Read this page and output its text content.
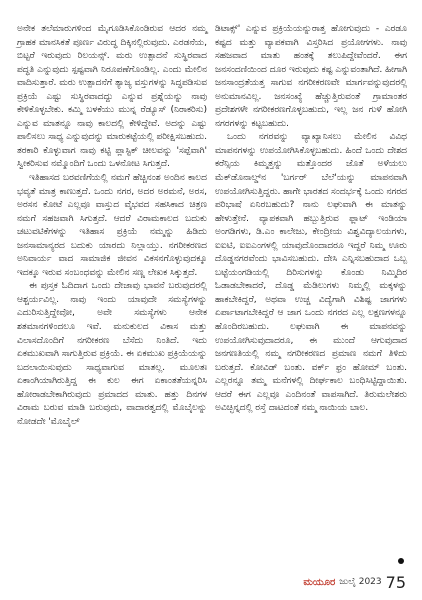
ಅನೇಕ ತಲೆಮಾರುಗಳಿಂದ ಮೈಗೂಡಿಸಿಕೊಂಡಿರುವ ಆದರ ನಮ್ಮ ಗ್ರಾಹಕ ಮಾನಸಿಕತೆ ಪೂರ್ಣ ವಿರುದ್ಧ ದಿಕ್ಕಿನಲ್ಲಿರುವುದು. ಎರಡನೆಯ, ಬಿಟ್ಟರೆ ಇರುವುದು ರಿಲಯನ್ಸ್. ಮರು ಉತ್ಪಾದನೆ ಸುಸ್ಥಿರವಾದ ಪದ್ಧತಿ ಎನ್ನುವುದು ಸ್ಪಷ್ಟವಾಗಿ ನಿರೂಪಣೆಗೊಂಡಿಲ್ಲ. ಎಂದು ಮೇಲಿನ ವಾದಿಸುತ್ತಾರೆ. ಮರು ಉತ್ಪಾದನೆಗೆ ತ್ಯಾಜ್ಯ ವಸ್ತುಗಳನ್ನು ಸಿದ್ಧಪಡಿಸುವ ಪ್ರಕ್ರಿಯೆ ಎಷ್ಟು ಸುಸ್ಥಿರವಾದದ್ದು ಎನ್ನುವ ಪ್ರಶ್ನೆಯನ್ನು ನಾವು ಕೇಳಿಕೊಳ್ಳಬೇಕು. ಕಮ್ಮಿ ಬಳಕೆಯು ಮುನ್ನ ರೆಡ್ಯೂಸ್ (ನಿರಾಕರಿಸು) ಎನ್ನುವ ಮಾತನ್ನೂ ನಾವು ಕಾಲದಲ್ಲಿ ಕೇಳಿದ್ದೇವೆ. ಅದನ್ನು ಎಷ್ಟು ಪಾಲಿಸಲು ಸಾಧ್ಯ ಎನ್ನುವುದನ್ನು ಮಾರುಕಟ್ಟೆಯಲ್ಲಿ ಪರೀಕ್ಷಿಸಬಹುದು. ತರಕಾರಿ ಕೊಳ್ಳುವಾಗ ನಾವು ಕಟ್ಟಿ ಪ್ಲಾಸ್ಟಿಕ್ ಚೀಲವನ್ನು 'ಸಪ್ಪೆವಾಗಿ' ಸ್ವೀಕರಿಸುವ ನಮ್ಮೊಂದಿಗೆ ಒಂದು ಒಳನೋಟ ಸಿಗುತ್ತದೆ.

ಇತಿಹಾಸದ ಬರವಣಿಗೆಯಲ್ಲಿ ನಮಗೆ ಹೆಚ್ಚಿನಂಶ ಅಂದಿನ ಕಾಲದ ಭವ್ಯತೆ ಮಾತ್ರ ಕಾಣುತ್ತದೆ. ಒಂದು ನಗರ, ಅದರ ಅರಮನೆ, ಅರಸ, ಅರಸನ ಕೋಟೆ ಎಲ್ಲವೂ ವಾಸ್ತುದ ವೈಭವದ ಸಹಸಿಕಾದ ಚಿತ್ರಣ ನಮಗೆ ಸಹಜವಾಗಿ ಸಿಗುತ್ತದೆ. ಆದರೆ ವಿರಾಮಕಾಲದ ಬದುಕು ಚಟುವಟಿಕೆಗಳನ್ನು ಇತಿಹಾಸ ಪ್ರಕ್ರಿಯೆ ನಮ್ಮನ್ನು ಹಿಡಿದು ಜನಸಾಮಾನ್ಯರದ ಬದುಕು ಯಾರದು ನಿಲ್ಲಾಯ್ತು. ನಗರೀಕರಣದ ಅನಿವಾರ್ಯ ವಾದ ಸಾಮಾಜಿಕ ಜೀವನ ವಿಕಸನಗೊಳ್ಳುವುದಕ್ಕೂ ಇದಕ್ಕೂ ಇರುವ ಸಂಬಂಧವನ್ನು ಮೇಲಿನ ಸಣ್ಣ ಲೇಖಕ ಸಿಕ್ಕುತ್ತದೆ.

ಈ ಪುಸ್ತಕ ಓದಿದಾಗ ಒಂದು ದೇಜಾವು ಭಾವನೆ ಬರುವುದರಲ್ಲಿ ಆಶ್ಚರ್ಯವಿಲ್ಲ. ನಾವು ಇಂದು ಯಾವುದೇ ಸಮಸ್ಯೆಗಳನ್ನು ಎದುರಿಸುತ್ತಿದ್ದೇವೋ, ಅವೇ ಸಮಸ್ಯೆಗಳು ಆನೇಕ ಶತಮಾನಗಳಿಂದಲೂ ಇವೆ. ಮನುಕುಲದ ವಿಕಾಸ ಮತ್ತು ವಿಲಾಸದೊಂದಿಗೆ ನಗರೀಕರಣ ಬೆಸೆದು ನಿಂತಿದೆ. ಇದು ಏಕಮುಖವಾಗಿ ಸಾಗುತ್ತಿರುವ ಪ್ರಕ್ರಿಯೆ. ಈ ಏಕಮುಖ ಪ್ರಕ್ರಿಯೆಯನ್ನು ಬದಲಾಯಿಸುವುದು ಸಾಧ್ಯವಾಗುವ ಮಾತಲ್ಲ. ಮೂಲತಃ ಏಕಾಂಗಿಯಾಗಿರುತ್ತಿದ್ದ ಈ ಕುಲ ಈಗ ಏಕಾಂತತೆಯನ್ನರಿಸಿ ಹೋರಾಡಬೇಕಾಗಿರುವುದು ಪ್ರಮಾದದ ಮಾತು. ಹತ್ತು ದಿನಗಳ ವಿರಾಮ ಬರುವ ಮಾಡಿ ಬರುವುದು, ವಾದಾರತ್ವದಲ್ಲಿ ಮೊಬೈಲನ್ನು ನೋಡದೇ 'ಮೊಬೈಲ್

ಡಿಟಾಕ್ಸ್' ಎನ್ನುವ ಪ್ರಕ್ರಿಯೆಯನ್ನುರಾತ್ತ ಹೋಗುವುದು - ಎರಡೂ ಕಷ್ಟದ ಮತ್ತು ವ್ಯಾಪಕವಾಗಿ ವಿಸ್ತರಿಸಿದ ಪ್ರಯೋಗಗಳು. ನಾವು ಸಹಜವಾದ ಮಾತು ಹಂತಕ್ಕೆ ತಲುಪಿದ್ದೇವೆಂದರೆ. ಈಗ ಜನಸಂದಣಿಯಿಂದ ದೂರ ಇರುವುದು ಕಷ್ಟ ಎನ್ನುವಂತಾಗಿದೆ. ಹೀಗಾಗಿ ಜನಸಾಂದ್ರತೆಯತ್ತ ಸಾಗುವ ನಗರೀಕರಣವೇ ಮಾರ್ಗವನ್ನುವುದರಲ್ಲಿ ಅನುಮಾನವಿಲ್ಲ. ಜನಸಂಖ್ಯೆ ಹೆಚ್ಚುತ್ತಿರುವಂತೆ ಗ್ರಾಮಾಂತರ ಪ್ರದೇಶಗಳೇ ನಗರೀಕರಣಗೊಳ್ಳಬಹುದು, ಇಲ್ಲ ಜನ ಗುಳೆ ಹೋಗಿ ನಗರಗಳನ್ನು ಕಟ್ಟಬಹುದು.

ಒಂದು ನಗರವನ್ನು ವ್ಯಾಖ್ಯಾನಿಸಲು ಮೇಲಿನ ವಿವಿಧ ಮಾಪನಗಳನ್ನು ಉಪಯೋಗಿಸಿಕೊಳ್ಳಬಹುದು. ಹಿಂದೆ ಒಂದು ದೇಶದ ಕರೆನ್ಸಿಯ ಕಿಮ್ಮತ್ತನ್ನು ಮತ್ತೊಂದರ ಜೊತೆ ಅಳೆಯಲು ಮೆಕ್‌ಡೊನಾಲ್ಡ್‌ನ 'ಬರ್ಗರ್ ಬೆಲೆ'ಯನ್ನು ಮಾಪನವಾಗಿ ಉಪಯೋಗಿಸುತ್ತಿದ್ದರು. ಹಾಗೇ ಭಾರತದ ಸಂದರ್ಭಕ್ಕೆ ಒಂದು ನಗರದ ಪರಿಭಾಷೆ ಏನಿರಬಹುದು? ನಾನು ಲಘುವಾಗಿ ಈ ಮಾತನ್ನು ಹೇಳುತ್ತೇನೆ. ವ್ಯಾಪಕವಾಗಿ ಹಬ್ಬುತ್ತಿರುವ ಫ್ಲಾಟ್ ಇಂಡಿಯಾ ಅಂಗಡಿಗಳು, ಡಿ.ಎಂ ಕಾಲೇಜು, ಕೇಂದ್ರೀಯ ವಿಶ್ವವಿದ್ಯಾಲಯಗಳು, ಐಐಟಿ, ಐಐಎಂಗಳಲ್ಲಿ ಯಾವುದೊಂದಾದರೂ ಇದ್ದರೆ ನಿಮ್ಮ ಊರು ದೊಡ್ಡನಗರವೆಂದು ಭಾವಿಸಬಹುದು. ದೇಸಿ ಎನ್ನಿಸಬಹುದಾದ ಒಬ್ಬ ಬಟ್ಟೆಯಂಗಡಿಯಲ್ಲಿ ದಿರಿಸುಗಳನ್ನು ಕೊಂಡು ನಿಮ್ಮಿದಿರ ಓಡಾಡಬೇಕಾದರೆ, ದೊಡ್ಡ ಮೆಡಿಲುಗಳು ನಿಮ್ಮಲ್ಲಿ ಮಕ್ಕಳನ್ನು ಹಾಕಬೇಕಿದ್ದರೆ, ಅಥವಾ ಉಚ್ಚ ವಿದ್ಯೆಗಾಗಿ ವಿಶಿಷ್ಟ ಜಾಗಗಳು ಏರ್ಪಾಟಾಗಬೇಕಿದ್ದರೆ ಆ ಜಾಗ ಒಂದು ನಗರದ ಎಲ್ಲ ಲಕ್ಷಣಗಳನ್ನೂ ಹೊಂದಿರಬಹುದು. ಲಘುವಾಗಿ ಈ ಮಾಪನವನ್ನು ಉಪಯೋಗಿಸುವುದಾದರೂ, ಈ ಮುಂದೆ ಆಗುವುದಾದ ಜನಗಣತಿಯಲ್ಲಿ ನಮ್ಮ ನಗರೀಕರಣದ ಪ್ರಮಾಣ ನಮಗೆ ತಿಳಿದು ಬರುತ್ತದೆ. ಕೋವಿಡ್ ಬಂತು. ವರ್ಕ್ ಫ್ರಂ ಹೋಮ್ ಬಂತು. ಎಲ್ಲರನ್ನೂ ತಮ್ಮ ಮನೆಗಳಲ್ಲಿ ದೀರ್ಘಕಾಲ ಬಂಧಿಸಿಟ್ಟಿದ್ದಾಯಿತು. ಆದರೆ ಈಗ ಎಲ್ಲವೂ ಎಂದಿನಂತೆ ವಾಪಸಾಗಿದೆ. ತಿರುಮಲೇಶರು ಅವಿಚ್ಛಿನ್ನದಲ್ಲಿ ರಸ್ತೆ ದಾಟದಂತೆ ನಮ್ಮ ನಾಯಿಯ ಬಾಲ.

ಮಯೂರ ಜುಲೈ 2023 75
